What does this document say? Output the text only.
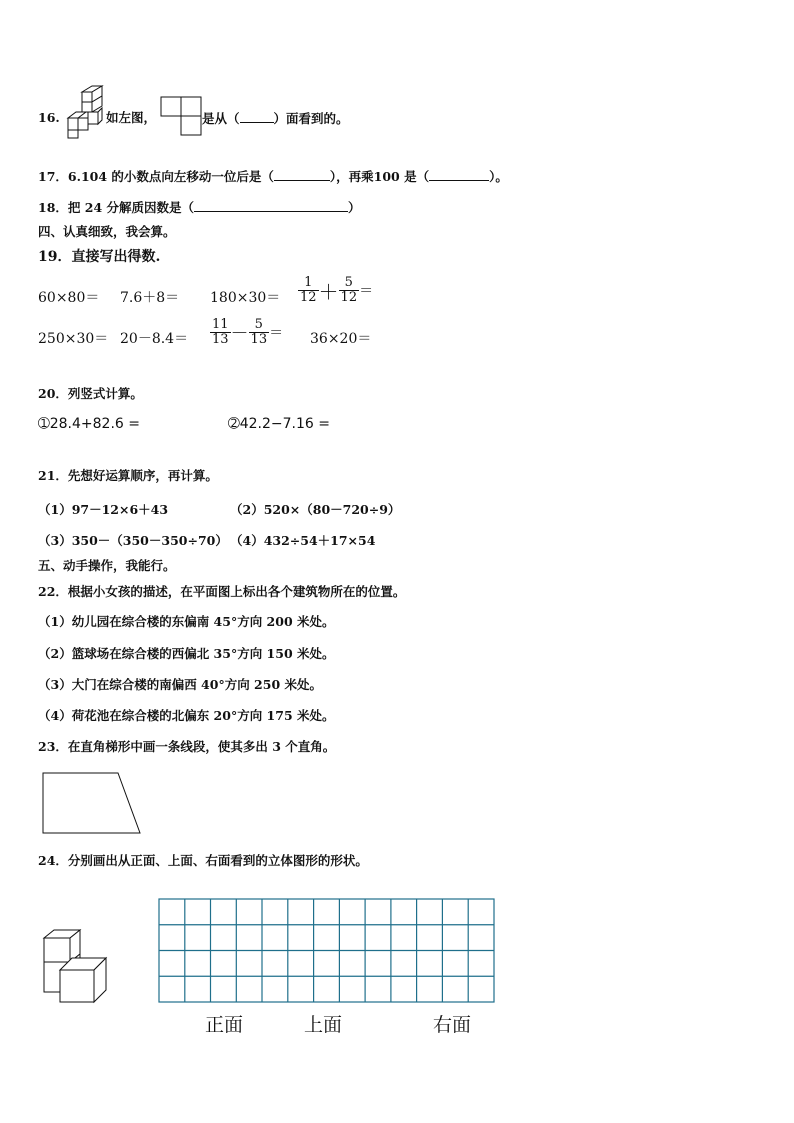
16.	如左图，	是从（	）面看到的。
17．6.104 的小数点向左移动一位后是（	），再乘100 是（	）。
18．把 24 分解质因数是（	）
四、认真细致，我会算。
19．直接写出得数.
$60\times 80= 7.6+8= 180\times 30= \frac{1}{12} + \frac{5}{12}$ ＝
$250\times 30= 20-8.4= \frac{11}{13} - \frac{5}{13} = 36\times 20=$
20．列竖式计算。
➀28.4+82.6 =	➁42.2−7.16 =
21．先想好运算顺序，再计算。
（1）97－12×6＋43	（2）520×（80－720÷9）
（3）350－（350－350÷70） （4）432÷54＋17×54
五、动手操作，我能行。
22．根据小女孩的描述，在平面图上标出各个建筑物所在的位置。
（1）幼儿园在综合楼的东偏南 45°方向 200 米处。
（2）篮球场在综合楼的西偏北 35°方向 150 米处。
（3）大门在综合楼的南偏西 40°方向 250 米处。
（4）荷花池在综合楼的北偏东 20°方向 175 米处。
23．在直角梯形中画一条线段，使其多出 3 个直角。
24．分别画出从正面、上面、右面看到的立体图形的形状。
正面	上面	右面
